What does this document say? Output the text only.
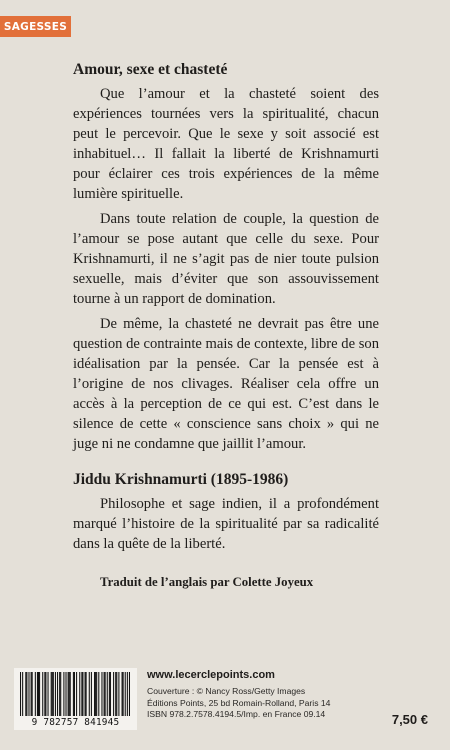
SAGESSES
Amour, sexe et chasteté

Que l’amour et la chasteté soient des expériences tournées vers la spiritualité, chacun peut le percevoir. Que le sexe y soit associé est inhabituel… Il fallait la liberté de Krishnamurti pour éclairer ces trois expériences de la même lumière spirituelle.

Dans toute relation de couple, la question de l’amour se pose autant que celle du sexe. Pour Krishnamurti, il ne s’agit pas de nier toute pulsion sexuelle, mais d’éviter que son assouvissement tourne à un rapport de domination.

De même, la chasteté ne devrait pas être une question de contrainte mais de contexte, libre de son idéalisation par la pensée. Car la pensée est à l’origine de nos clivages. Réaliser cela offre un accès à la perception de ce qui est. C’est dans le silence de cette « conscience sans choix » qui ne juge ni ne condamne que jaillit l’amour.

Jiddu Krishnamurti (1895-1986)

Philosophe et sage indien, il a profondément marqué l’histoire de la spiritualité par sa radicalité dans la quête de la liberté.

Traduit de l’anglais par Colette Joyeux
9 782757 841945
www.lecerclepoints.com
Couverture : © Nancy Ross/Getty Images
Éditions Points, 25 bd Romain-Rolland, Paris 14
ISBN 978.2.7578.4194.5/Imp. en France 09.14	7,50 €
